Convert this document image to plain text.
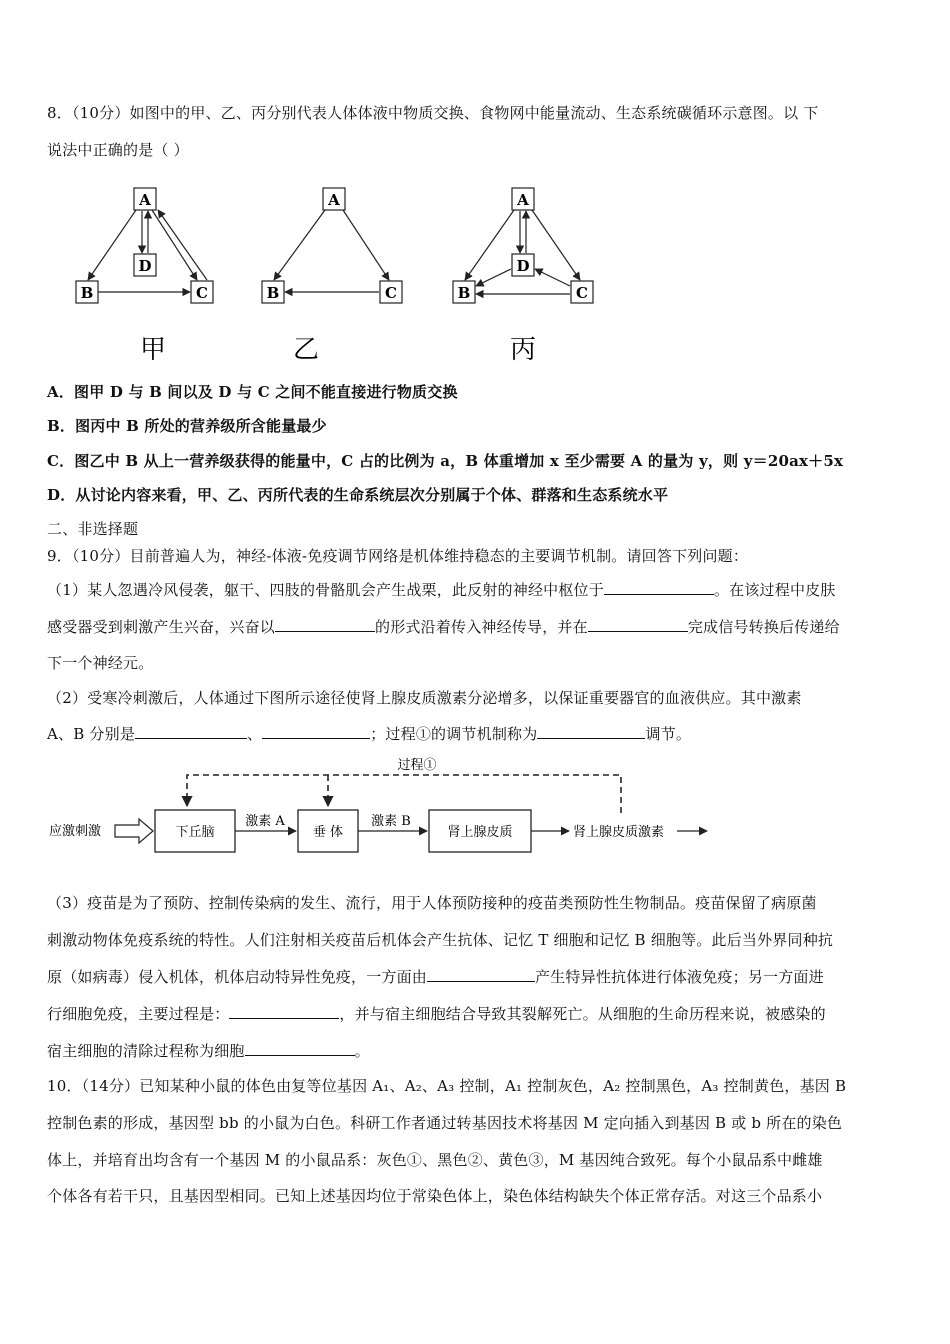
8．（10分）如图中的甲、乙、丙分别代表人体体液中物质交换、食物网中能量流动、生态系统碳循环示意图。以 下
说法中正确的是（ ）
A
B	C
D
甲
A
B	C
乙
A
B	C
D
丙
A．图甲 D 与 B 间以及 D 与 C 之间不能直接进行物质交换
B．图丙中 B 所处的营养级所含能量最少
C．图乙中 B 从上一营养级获得的能量中，C 占的比例为 a，B 体重增加 x 至少需要 A 的量为 y，则 y＝20ax＋5x
D．从讨论内容来看，甲、乙、丙所代表的生命系统层次分别属于个体、群落和生态系统水平
二、非选择题
9．（10分）目前普遍人为，神经-体液-免疫调节网络是机体维持稳态的主要调节机制。请回答下列问题：
（1）某人忽遇冷风侵袭，躯干、四肢的骨骼肌会产生战栗，此反射的神经中枢位于	。在该过程中皮肤
感受器受到刺激产生兴奋，兴奋以	的形式沿着传入神经传导，并在	完成信号转换后传递给
下一个神经元。
（2）受寒冷刺激后，人体通过下图所示途径使肾上腺皮质激素分泌增多，以保证重要器官的血液供应。其中激素
A、B 分别是	、	；过程①的调节机制称为	调节。
过程①
应激刺激	下丘脑
激素 A
垂 体
激素 B
肾上腺皮质	肾上腺皮质激素
（3）疫苗是为了预防、控制传染病的发生、流行，用于人体预防接种的疫苗类预防性生物制品。疫苗保留了病原菌
刺激动物体免疫系统的特性。人们注射相关疫苗后机体会产生抗体、记忆 T 细胞和记忆 B 细胞等。此后当外界同种抗
原（如病毒）侵入机体，机体启动特异性免疫，一方面由	产生特异性抗体进行体液免疫；另一方面进
行细胞免疫，主要过程是：	，并与宿主细胞结合导致其裂解死亡。从细胞的生命历程来说，被感染的
宿主细胞的清除过程称为细胞	。
10．（14分）已知某种小鼠的体色由复等位基因 A₁、A₂、A₃ 控制，A₁ 控制灰色，A₂ 控制黑色，A₃ 控制黄色，基因 B
控制色素的形成，基因型 bb 的小鼠为白色。科研工作者通过转基因技术将基因 M 定向插入到基因 B 或 b 所在的染色
体上，并培育出均含有一个基因 M 的小鼠品系：灰色①、黑色②、黄色③，M 基因纯合致死。每个小鼠品系中雌雄
个体各有若干只，且基因型相同。已知上述基因均位于常染色体上，染色体结构缺失个体正常存活。对这三个品系小
